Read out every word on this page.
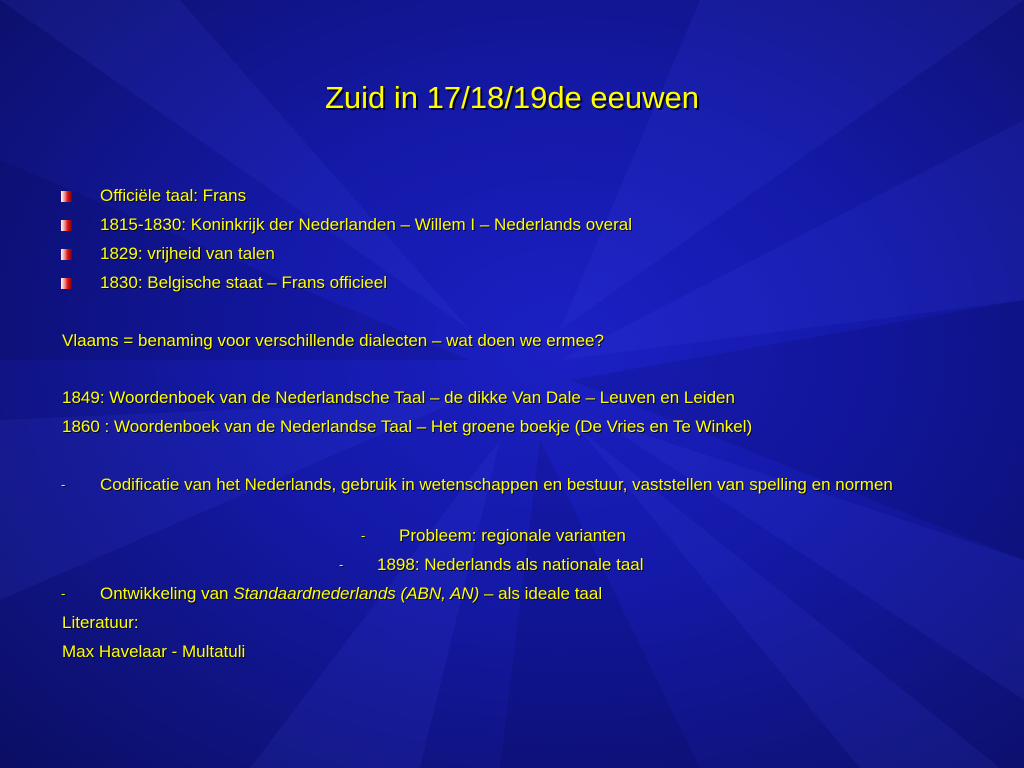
Zuid in 17/18/19de eeuwen
Officiële taal: Frans
1815-1830: Koninkrijk der Nederlanden – Willem I – Nederlands overal
1829: vrijheid van talen
1830: Belgische staat – Frans officieel
Vlaams = benaming voor verschillende dialecten – wat doen we ermee?
1849: Woordenboek van de Nederlandsche Taal – de dikke Van Dale – Leuven en Leiden
1860 : Woordenboek van de Nederlandse Taal – Het groene boekje (De Vries en Te Winkel)
- Codificatie van het Nederlands, gebruik in wetenschappen en bestuur, vaststellen van spelling en normen
- Probleem: regionale varianten
- 1898: Nederlands als nationale taal
- Ontwikkeling van Standaardnederlands (ABN, AN) – als ideale taal
Literatuur:
Max Havelaar - Multatuli
